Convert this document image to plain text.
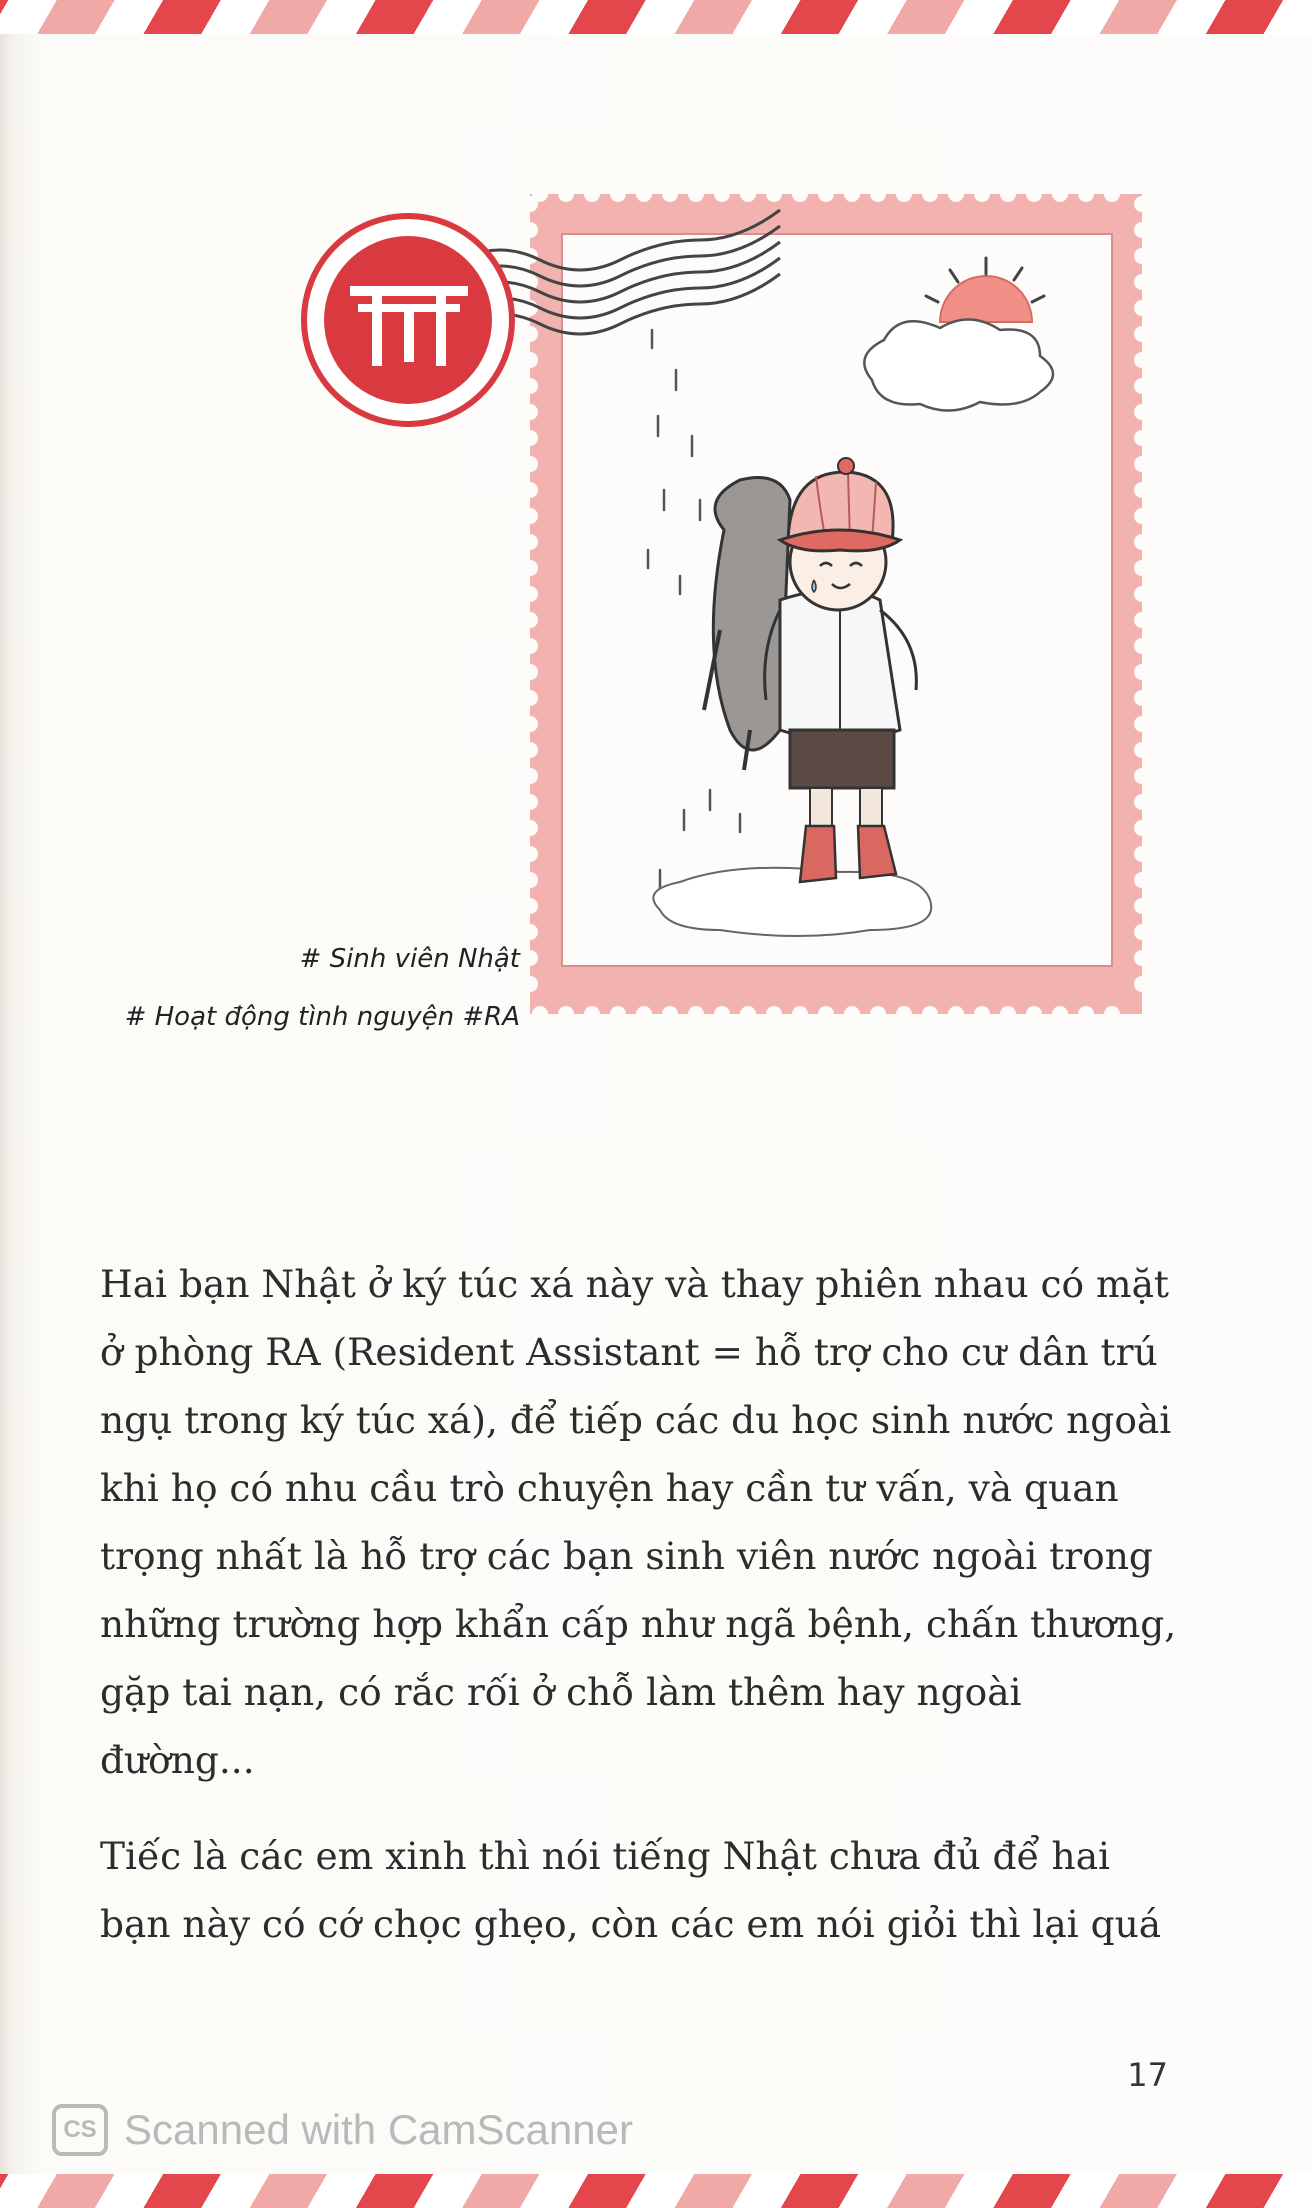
# Sinh viên Nhật
# Hoạt động tình nguyện #RA

Hai bạn Nhật ở ký túc xá này và thay phiên nhau có mặt ở phòng RA (Resident Assistant = hỗ trợ cho cư dân trú ngụ trong ký túc xá), để tiếp các du học sinh nước ngoài khi họ có nhu cầu trò chuyện hay cần tư vấn, và quan trọng nhất là hỗ trợ các bạn sinh viên nước ngoài trong những trường hợp khẩn cấp như ngã bệnh, chấn thương, gặp tai nạn, có rắc rối ở chỗ làm thêm hay ngoài đường...

Tiếc là các em xinh thì nói tiếng Nhật chưa đủ để hai bạn này có cớ chọc ghẹo, còn các em nói giỏi thì lại quá

17
CS Scanned with CamScanner
